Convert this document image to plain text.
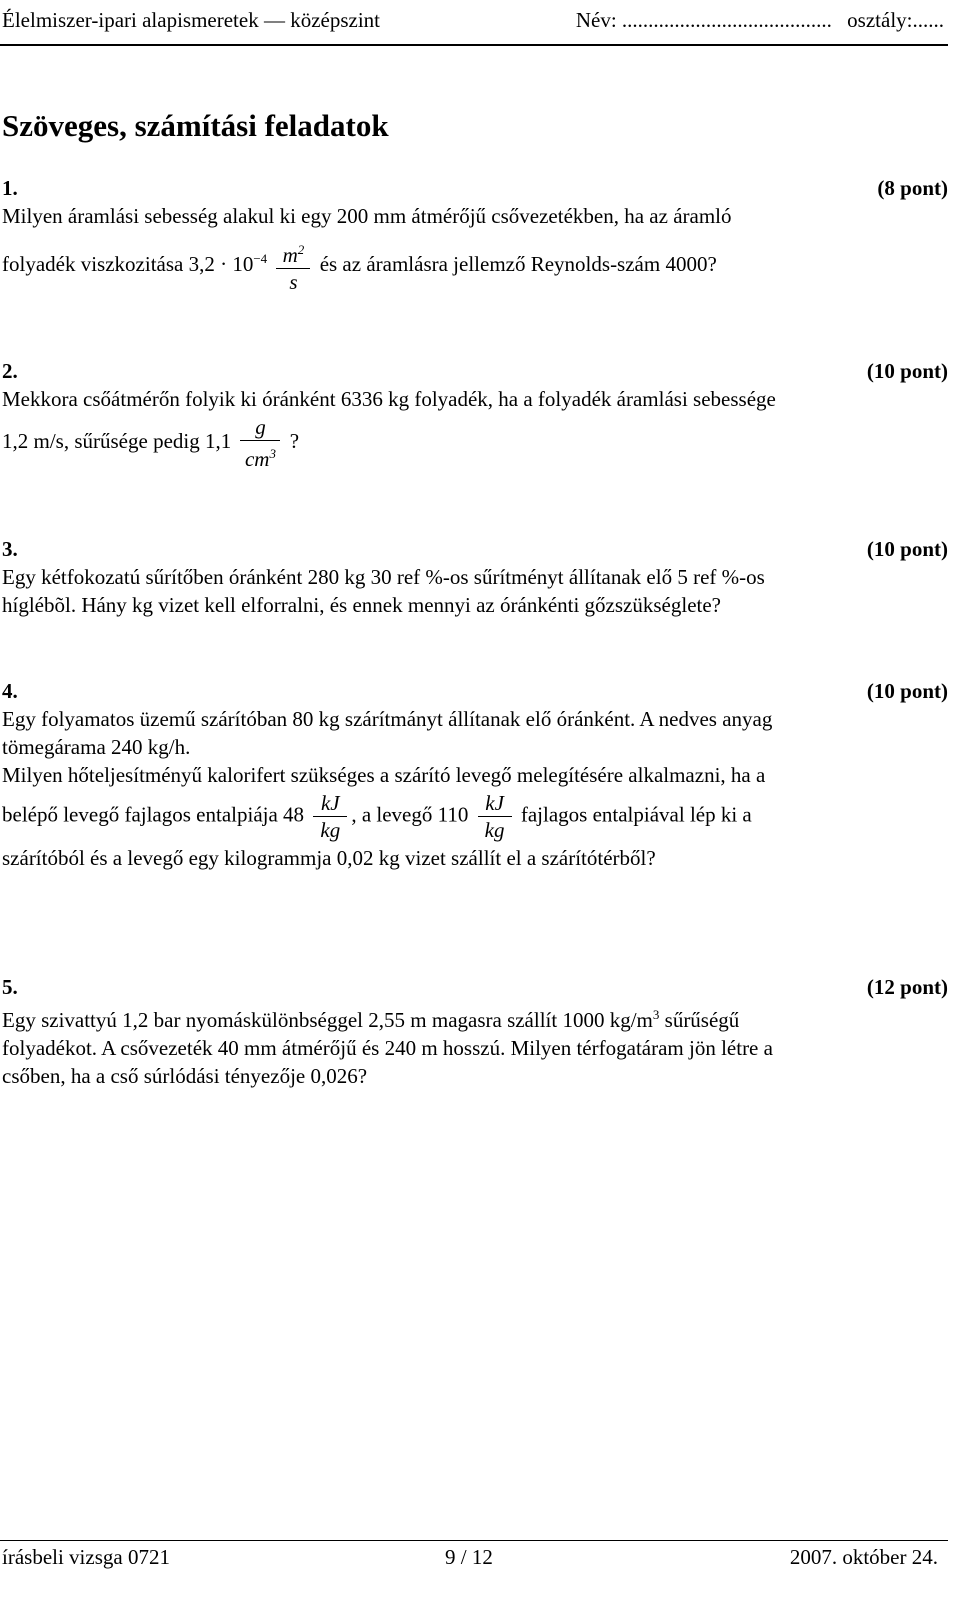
Élelmiszer-ipari alapismeretek — középszint	Név: ........................................ osztály:......
Szöveges, számítási feladatok
1.	(8 pont)
Milyen áramlási sebesség alakul ki egy 200 mm átmérőjű csővezetékben, ha az áramló
folyadék viszkozitása $3,2 \cdot 10^{-4} \frac{m^2}{s}$ és az áramlásra jellemző Reynolds-szám 4000?
2.	(10 pont)
Mekkora csőátmérőn folyik ki óránként 6336 kg folyadék, ha a folyadék áramlási sebessége
1,2 m/s, sűrűsége pedig $1,1 \frac{g}{cm^3}$ ?
3.	(10 pont)
Egy kétfokozatú sűrítőben óránként 280 kg 30 ref %-os sűrítményt állítanak elő 5 ref %-os
híglébõl. Hány kg vizet kell elforralni, és ennek mennyi az óránkénti gőzszükséglete?
4.	(10 pont)
Egy folyamatos üzemű szárítóban 80 kg szárítmányt állítanak elő óránként. A nedves anyag
tömegárama 240 kg/h.
Milyen hőteljesítményű kalorifert szükséges a szárító levegő melegítésére alkalmazni, ha a
belépő levegő fajlagos entalpiája $48 \frac{kJ}{kg}$ , a levegő $110 \frac{kJ}{kg}$ fajlagos entalpiával lép ki a
szárítóból és a levegő egy kilogrammja 0,02 kg vizet szállít el a szárítótérből?
5.	(12 pont)
Egy szivattyú 1,2 bar nyomáskülönbséggel 2,55 m magasra szállít 1000 $kg/m^3$ sűrűségű
folyadékot. A csővezeték 40 mm átmérőjű és 240 m hosszú. Milyen térfogatáram jön létre a
csőben, ha a cső súrlódási tényezője 0,026?
írásbeli vizsga 0721	9 / 12	2007. október 24.
